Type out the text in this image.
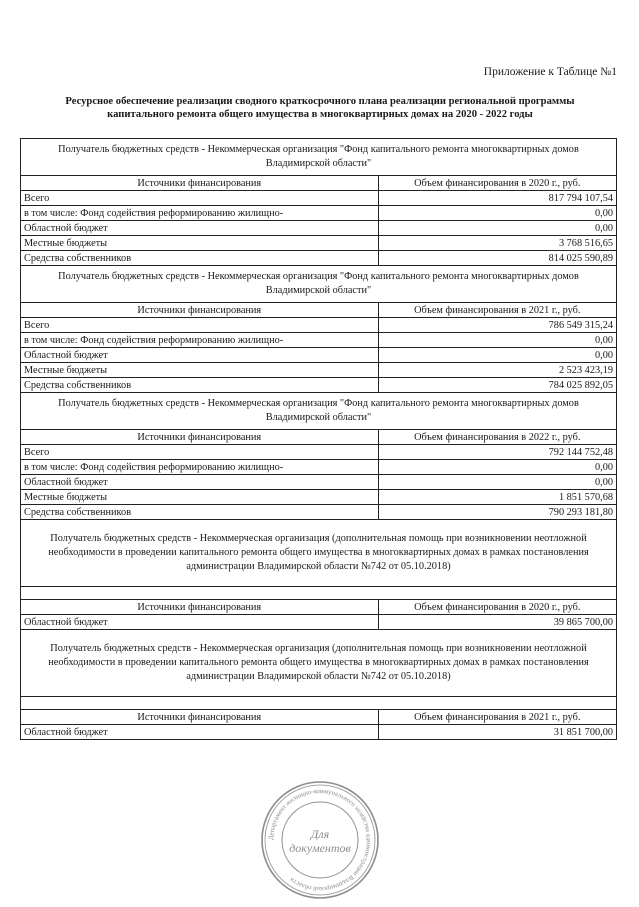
Приложение к Таблице №1
Ресурсное обеспечение реализации сводного краткосрочного плана реализации региональной программы
капитального ремонта общего имущества в многоквартирных домах на 2020 - 2022 годы
Получатель бюджетных средств - Некоммерческая организация "Фонд капитального ремонта многоквартирных домов Владимирской области"	
Источники финансирования	Объем финансирования в 2020 г., руб.
Всего	817 794 107,54
в том числе: Фонд содействия реформированию жилищно-	0,00
Областной бюджет	0,00
Местные бюджеты	3 768 516,65
Средства собственников	814 025 590,89
Получатель бюджетных средств - Некоммерческая организация "Фонд капитального ремонта многоквартирных домов Владимирской области"	
Источники финансирования	Объем финансирования в 2021 г., руб.
Всего	786 549 315,24
в том числе: Фонд содействия реформированию жилищно-	0,00
Областной бюджет	0,00
Местные бюджеты	2 523 423,19
Средства собственников	784 025 892,05
Получатель бюджетных средств - Некоммерческая организация "Фонд капитального ремонта многоквартирных домов Владимирской области"	
Источники финансирования	Объем финансирования в 2022 г., руб.
Всего	792 144 752,48
в том числе: Фонд содействия реформированию жилищно-	0,00
Областной бюджет	0,00
Местные бюджеты	1 851 570,68
Средства собственников	790 293 181,80
Получатель бюджетных средств - Некоммерческая организация (дополнительная помощь при возникновении неотложной необходимости в проведении капитального ремонта общего имущества в многоквартирных домах в рамках постановления администрации Владимирской области №742 от 05.10.2018)	

Источники финансирования	Объем финансирования в 2020 г., руб.
Областной бюджет	39 865 700,00
Получатель бюджетных средств - Некоммерческая организация (дополнительная помощь при возникновении неотложной необходимости в проведении капитального ремонта общего имущества в многоквартирных домах в рамках постановления администрации Владимирской области №742 от 05.10.2018)	

Источники финансирования	Объем финансирования в 2021 г., руб.
Областной бюджет	31 851 700,00
Департамент жилищно-коммунального хозяйства администрации Владимирской области
Для документов
